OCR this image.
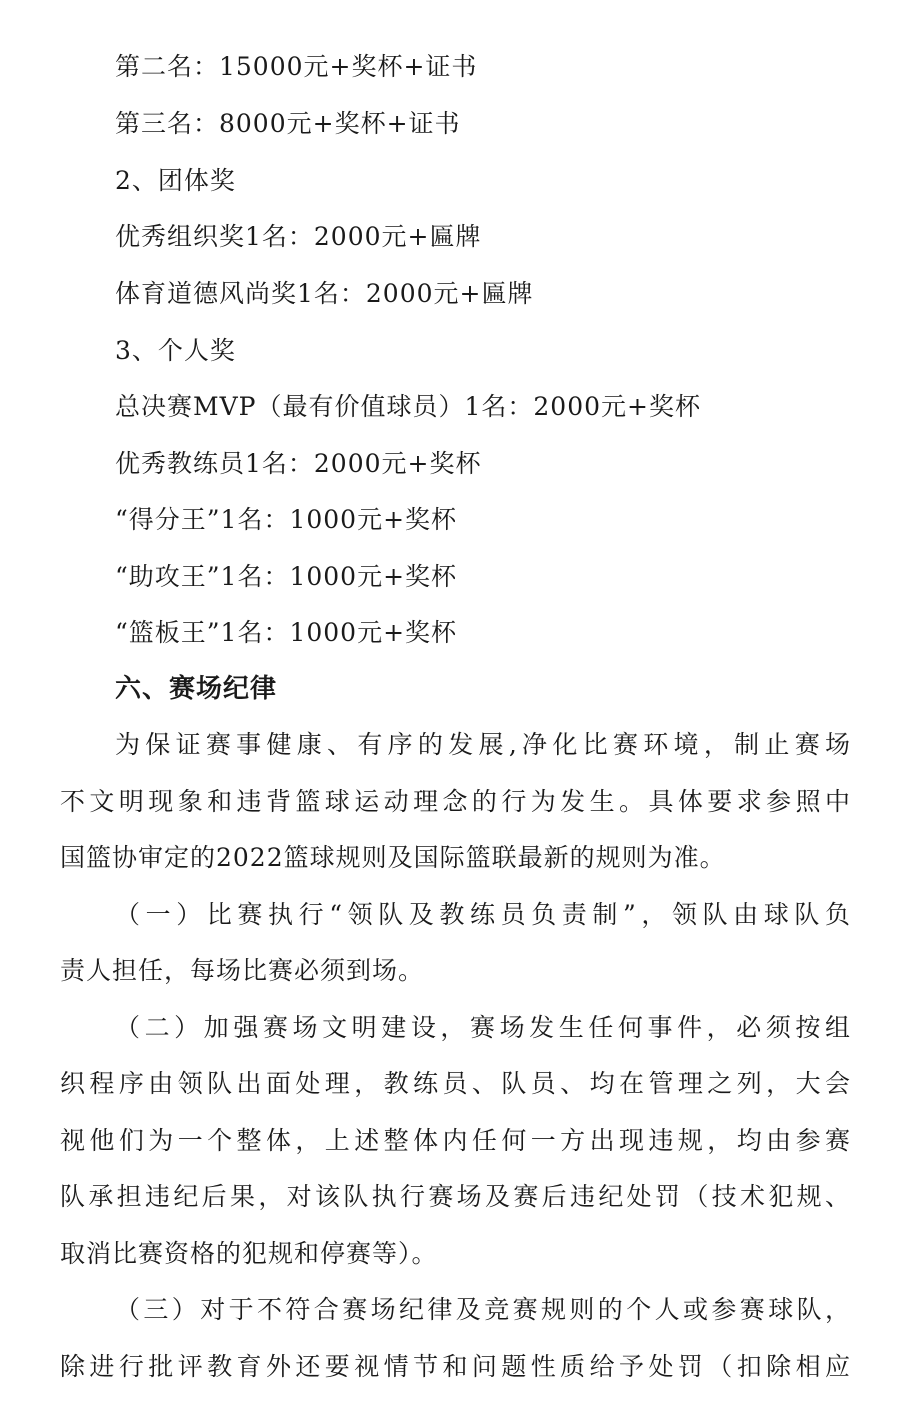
第二名：15000元+奖杯+证书
第三名：8000元+奖杯+证书
2、团体奖
优秀组织奖1名：2000元+匾牌
体育道德风尚奖1名：2000元+匾牌
3、个人奖
总决赛MVP（最有价值球员）1名：2000元+奖杯
优秀教练员1名：2000元+奖杯
“得分王”1名：1000元+奖杯
“助攻王”1名：1000元+奖杯
“篮板王”1名：1000元+奖杯
六、赛场纪律
为保证赛事健康、有序的发展,净化比赛环境，制止赛场
不文明现象和违背篮球运动理念的行为发生。具体要求参照中
国篮协审定的2022篮球规则及国际篮联最新的规则为准。
（一）比赛执行“领队及教练员负责制”，领队由球队负
责人担任，每场比赛必须到场。
（二）加强赛场文明建设，赛场发生任何事件，必须按组
织程序由领队出面处理，教练员、队员、均在管理之列，大会
视他们为一个整体，上述整体内任何一方出现违规，均由参赛
队承担违纪后果，对该队执行赛场及赛后违纪处罚（技术犯规、
取消比赛资格的犯规和停赛等）。
（三）对于不符合赛场纪律及竞赛规则的个人或参赛球队，
除进行批评教育外还要视情节和问题性质给予处罚（扣除相应
